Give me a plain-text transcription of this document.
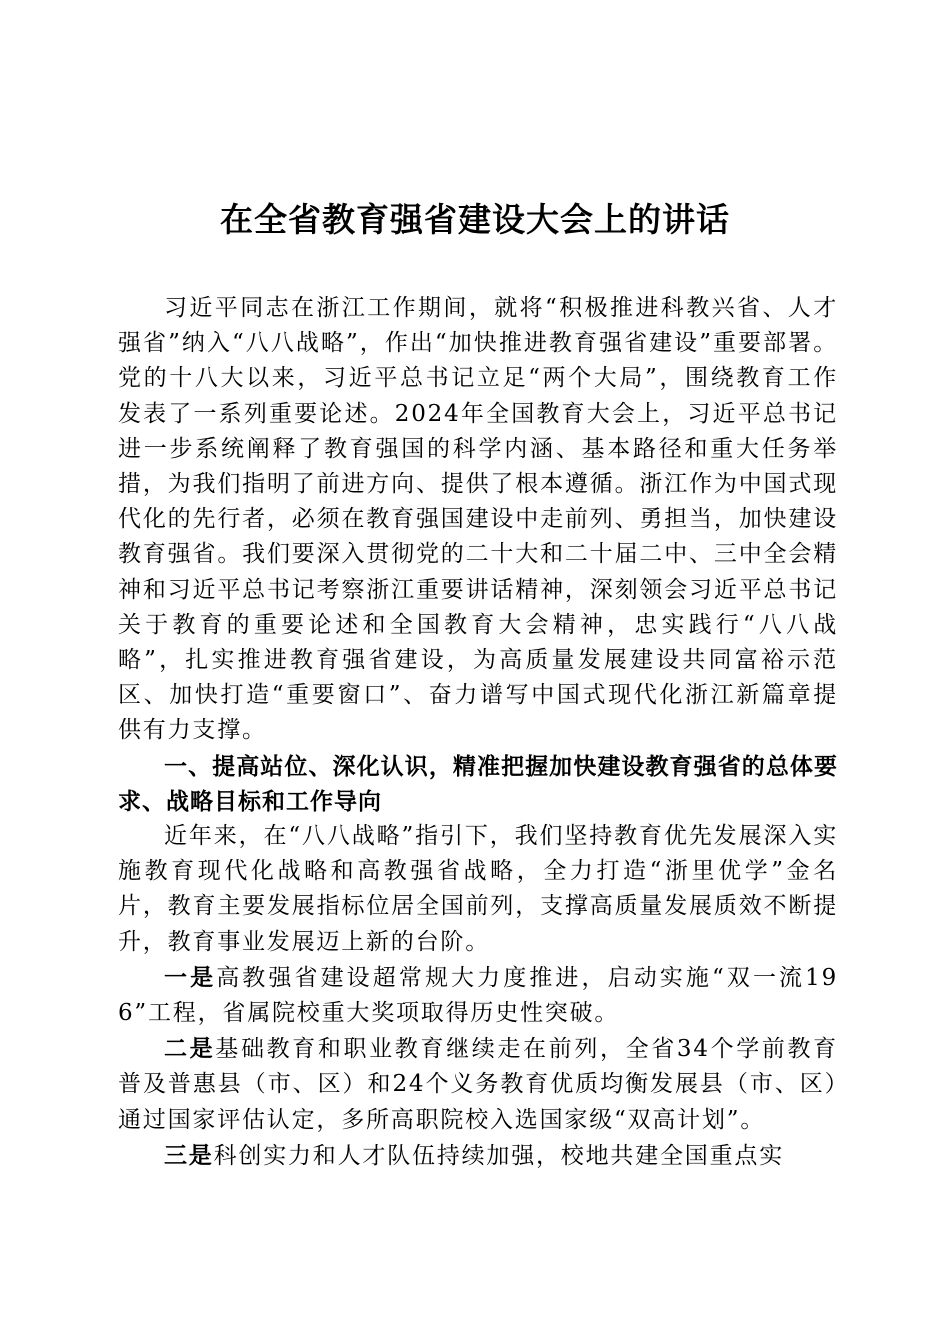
在全省教育强省建设大会上的讲话

习近平同志在浙江工作期间，就将“积极推进科教兴省、人才强省”纳入“八八战略”，作出“加快推进教育强省建设”重要部署。党的十八大以来，习近平总书记立足“两个大局”，围绕教育工作发表了一系列重要论述。2024年全国教育大会上，习近平总书记进一步系统阐释了教育强国的科学内涵、基本路径和重大任务举措，为我们指明了前进方向、提供了根本遵循。浙江作为中国式现代化的先行者，必须在教育强国建设中走前列、勇担当，加快建设教育强省。我们要深入贯彻党的二十大和二十届二中、三中全会精神和习近平总书记考察浙江重要讲话精神，深刻领会习近平总书记关于教育的重要论述和全国教育大会精神，忠实践行“八八战略”，扎实推进教育强省建设，为高质量发展建设共同富裕示范区、加快打造“重要窗口”、奋力谱写中国式现代化浙江新篇章提供有力支撑。

一、提高站位、深化认识，精准把握加快建设教育强省的总体要求、战略目标和工作导向

近年来，在“八八战略”指引下，我们坚持教育优先发展深入实施教育现代化战略和高教强省战略，全力打造“浙里优学”金名片，教育主要发展指标位居全国前列，支撑高质量发展质效不断提升，教育事业发展迈上新的台阶。

一是高教强省建设超常规大力度推进，启动实施“双一流196”工程，省属院校重大奖项取得历史性突破。

二是基础教育和职业教育继续走在前列，全省34个学前教育普及普惠县（市、区）和24个义务教育优质均衡发展县（市、区）通过国家评估认定，多所高职院校入选国家级“双高计划”。

三是科创实力和人才队伍持续加强，校地共建全国重点实
